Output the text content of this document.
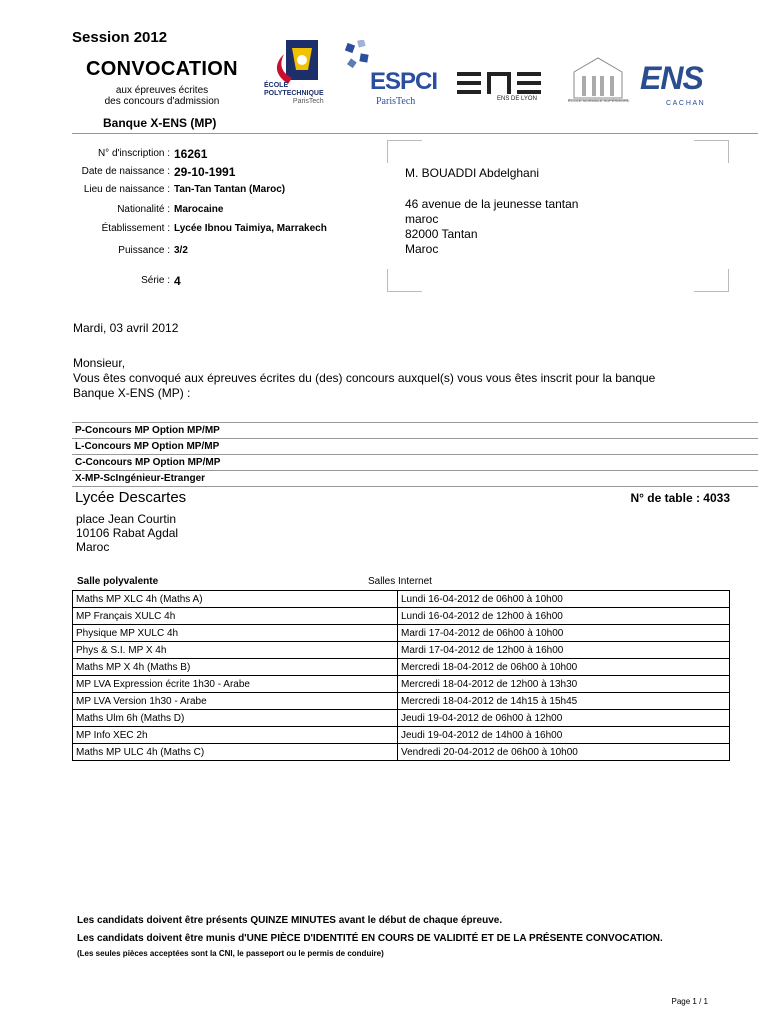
Session 2012
CONVOCATION
aux épreuves écrites
des concours d'admission
Banque X-ENS (MP)
ÉCOLE
POLYTECHNIQUE
ParisTech
ESPCI
ParisTech	ENS DE LYON	ÉCOLE NORMALE SUPÉRIEURE
ENS
C A C H A N
N° d'inscription : 16261
Date de naissance : 29-10-1991
Lieu de naissance : Tan-Tan Tantan (Maroc)
Nationalité : Marocaine
Établissement : Lycée Ibnou Taimiya, Marrakech
Puissance : 3/2
Série : 4
M. BOUADDI Abdelghani
46 avenue de la jeunesse tantan
maroc
82000 Tantan
Maroc
Mardi, 03 avril 2012
Monsieur,
Vous êtes convoqué aux épreuves écrites du (des) concours auxquel(s) vous vous êtes inscrit pour la banque
Banque X-ENS (MP) :
P-Concours MP Option MP/MP
L-Concours MP Option MP/MP
C-Concours MP Option MP/MP
X-MP-ScIngénieur-Etranger
Lycée Descartes	N° de table : 4033
place Jean Courtin
10106 Rabat Agdal
Maroc
Salle polyvalente	Salles Internet
Maths MP XLC 4h (Maths A)	Lundi 16-04-2012 de 06h00 à 10h00
MP Français XULC 4h	Lundi 16-04-2012 de 12h00 à 16h00
Physique MP XULC 4h	Mardi 17-04-2012 de 06h00 à 10h00
Phys & S.I. MP X 4h	Mardi 17-04-2012 de 12h00 à 16h00
Maths MP X 4h (Maths B)	Mercredi 18-04-2012 de 06h00 à 10h00
MP LVA Expression écrite 1h30 - Arabe	Mercredi 18-04-2012 de 12h00 à 13h30
MP LVA Version 1h30 - Arabe	Mercredi 18-04-2012 de 14h15 à 15h45
Maths Ulm 6h (Maths D)	Jeudi 19-04-2012 de 06h00 à 12h00
MP Info XEC 2h	Jeudi 19-04-2012 de 14h00 à 16h00
Maths MP ULC 4h (Maths C)	Vendredi 20-04-2012 de 06h00 à 10h00
Les candidats doivent être présents QUINZE MINUTES avant le début de chaque épreuve.
Les candidats doivent être munis d'UNE PIÈCE D'IDENTITÉ EN COURS DE VALIDITÉ ET DE LA PRÉSENTE CONVOCATION.
(Les seules pièces acceptées sont la CNI, le passeport ou le permis de conduire)
Page 1 / 1
